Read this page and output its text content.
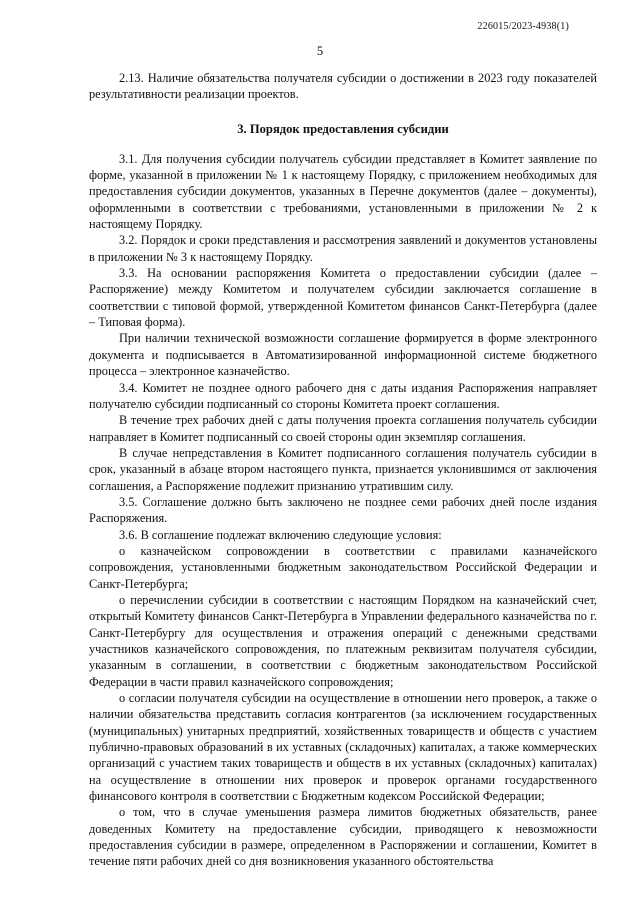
226015/2023-4938(1)
5

2.13. Наличие обязательства получателя субсидии о достижении в 2023 году показателей результативности реализации проектов.

3. Порядок предоставления субсидии

3.1. Для получения субсидии получатель субсидии представляет в Комитет заявление по форме, указанной в приложении № 1 к настоящему Порядку, с приложением необходимых для предоставления субсидии документов, указанных в Перечне документов (далее – документы), оформленными в соответствии с требованиями, установленными в приложении № 2 к настоящему Порядку.

3.2. Порядок и сроки представления и рассмотрения заявлений и документов установлены в приложении № 3 к настоящему Порядку.

3.3. На основании распоряжения Комитета о предоставлении субсидии (далее – Распоряжение) между Комитетом и получателем субсидии заключается соглашение в соответствии с типовой формой, утвержденной Комитетом финансов Санкт-Петербурга (далее – Типовая форма).

При наличии технической возможности соглашение формируется в форме электронного документа и подписывается в Автоматизированной информационной системе бюджетного процесса – электронное казначейство.

3.4. Комитет не позднее одного рабочего дня с даты издания Распоряжения направляет получателю субсидии подписанный со стороны Комитета проект соглашения.

В течение трех рабочих дней с даты получения проекта соглашения получатель субсидии направляет в Комитет подписанный со своей стороны один экземпляр соглашения.

В случае непредставления в Комитет подписанного соглашения получатель субсидии в срок, указанный в абзаце втором настоящего пункта, признается уклонившимся от заключения соглашения, а Распоряжение подлежит признанию утратившим силу.

3.5. Соглашение должно быть заключено не позднее семи рабочих дней после издания Распоряжения.

3.6. В соглашение подлежат включению следующие условия:

о казначейском сопровождении в соответствии с правилами казначейского сопровождения, установленными бюджетным законодательством Российской Федерации и Санкт-Петербурга;

о перечислении субсидии в соответствии с настоящим Порядком на казначейский счет, открытый Комитету финансов Санкт-Петербурга в Управлении федерального казначейства по г. Санкт-Петербургу для осуществления и отражения операций с денежными средствами участников казначейского сопровождения, по платежным реквизитам получателя субсидии, указанным в соглашении, в соответствии с бюджетным законодательством Российской Федерации в части правил казначейского сопровождения;

о согласии получателя субсидии на осуществление в отношении него проверок, а также о наличии обязательства представить согласия контрагентов (за исключением государственных (муниципальных) унитарных предприятий, хозяйственных товариществ и обществ с участием публично-правовых образований в их уставных (складочных) капиталах, а также коммерческих организаций с участием таких товариществ и обществ в их уставных (складочных) капиталах) на осуществление в отношении них проверок и проверок органами государственного финансового контроля в соответствии с Бюджетным кодексом Российской Федерации;

о том, что в случае уменьшения размера лимитов бюджетных обязательств, ранее доведенных Комитету на предоставление субсидии, приводящего к невозможности предоставления субсидии в размере, определенном в Распоряжении и соглашении, Комитет в течение пяти рабочих дней со дня возникновения указанного обстоятельства
